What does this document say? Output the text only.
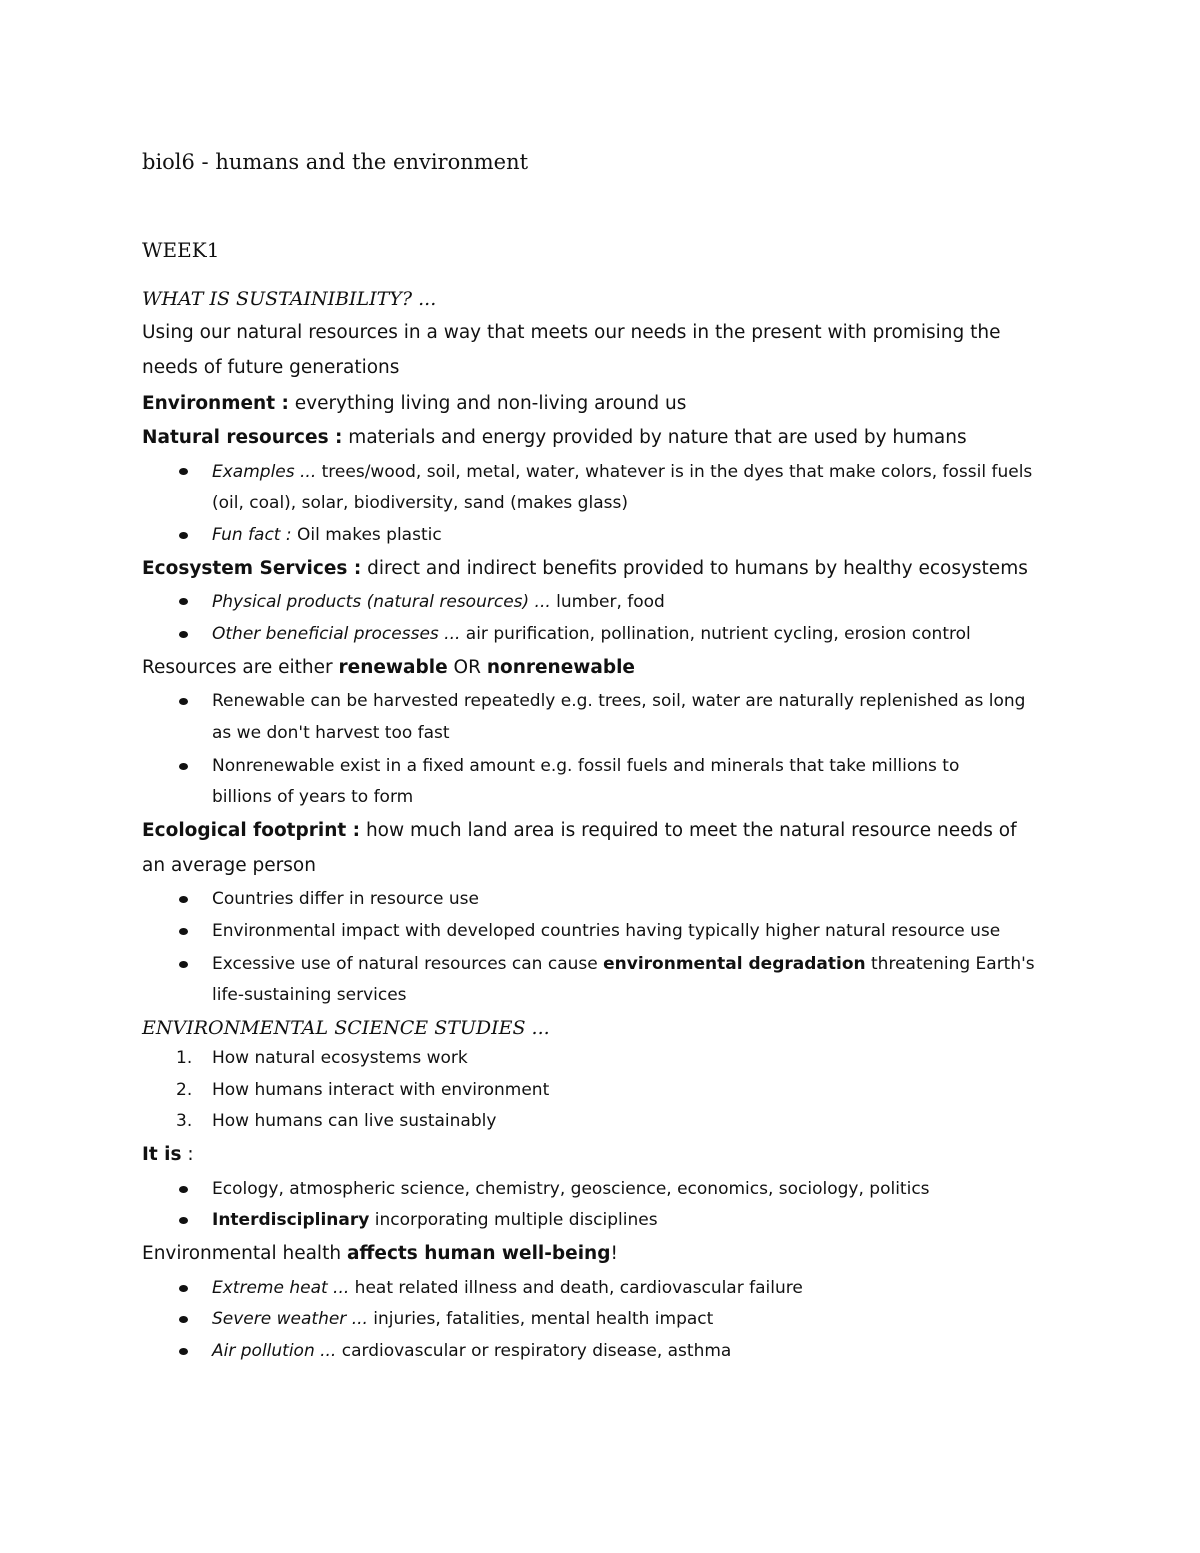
biol6 - humans and the environment
WEEK1
WHAT IS SUSTAINIBILITY? ...
Using our natural resources in a way that meets our needs in the present with promising the
needs of future generations
Environment : everything living and non-living around us
Natural resources : materials and energy provided by nature that are used by humans
Examples ... trees/wood, soil, metal, water, whatever is in the dyes that make colors, fossil fuels
(oil, coal), solar, biodiversity, sand (makes glass)
Fun fact : Oil makes plastic
Ecosystem Services : direct and indirect benefits provided to humans by healthy ecosystems
Physical products (natural resources) ... lumber, food
Other beneficial processes ... air purification, pollination, nutrient cycling, erosion control
Resources are either renewable OR nonrenewable
Renewable can be harvested repeatedly e.g. trees, soil, water are naturally replenished as long
as we don't harvest too fast
Nonrenewable exist in a fixed amount e.g. fossil fuels and minerals that take millions to
billions of years to form
Ecological footprint : how much land area is required to meet the natural resource needs of
an average person
Countries differ in resource use
Environmental impact with developed countries having typically higher natural resource use
Excessive use of natural resources can cause environmental degradation threatening Earth's
life-sustaining services
ENVIRONMENTAL SCIENCE STUDIES ...
1. How natural ecosystems work
2. How humans interact with environment
3. How humans can live sustainably
It is :
Ecology, atmospheric science, chemistry, geoscience, economics, sociology, politics
Interdisciplinary incorporating multiple disciplines
Environmental health affects human well-being!
Extreme heat ... heat related illness and death, cardiovascular failure
Severe weather ... injuries, fatalities, mental health impact
Air pollution ... cardiovascular or respiratory disease, asthma
